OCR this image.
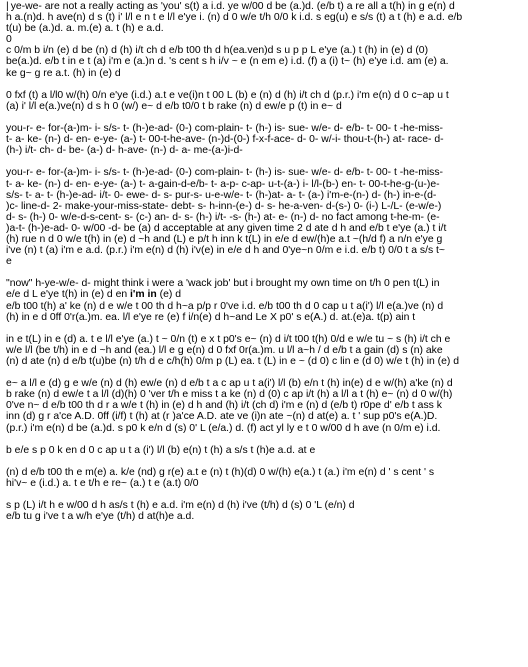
| ye-we- are not a really acting as 'you' s(t) a i.d. ye w/00 d be (a.)d. (e/b t) a re all a t(h) in g e(n) d
h a.(n)d. h ave(n) d s (t) i' l/l e n t e l/l e'ye i. (n) d 0 w/e t/h 0/0 k i.d. s eg(u) e s/s (t) a t (h) e a.d. e/b
t(u) be (a.)d. a. m.(e) a. t (h) e a.d.
0
c 0/m b i/n (e) d be (n) d (h) i/t ch d e/b t00 th d h(ea.ven)d s u p p L e'ye (a.) t (h) in (e) d (0)
be(a.)d. e/b t in e t (a) i'm e (a.)n d. 's cent s h i/v ~ e (n em e) i.d. (f) a (i) t~ (h) e'ye i.d. am (e) a.
ke g~ g re a.t. (h) in (e) d
0 fxf (t) a l/l0 w/(h) 0/n e'ye (i.d.) a.t e ve(i)n t 00 L (b) e (n) d (h) i/t ch d (p.r.) i'm e(n) d 0 c~ap u t
(a) i' l/l e(a.)ve(n) d s h 0 (w/) e~ d e/b t0/0 t b rake (n) d ew/e p (t) in e~ d
you-r- e- for-(a-)m- i- s/s- t- (h-)e-ad- (0-) com-plain- t- (h-) is- sue- w/e- d- e/b- t- 00- t -he-miss-
t- a- ke- (n-) d- en- e-ye- (a-) t- 00-t-he-ave- (n-)d-(0-) f-x-f-ace- d- 0- w/-i- thou-t-(h-) at- race- d-
(h-) i/t- ch- d- be- (a-) d- h-ave- (n-) d- a- me-(a-)i-d-
you-r- e- for-(a-)m- i- s/s- t- (h-)e-ad- (0-) com-plain- t- (h-) is- sue- w/e- d- e/b- t- 00- t -he-miss-
t- a- ke- (n-) d- en- e-ye- (a-) t- a-gain-d-e/b- t- a-p- c-ap- u-t-(a-) i- l/l-(b-) en- t- 00-t-he-g-(u-)e-
s/s- t- a- t- (h-)e-ad- i/t- 0- ewe- d- s- pur-s- u-e-w/e- t- (h-)at- a- t- (a-) i'm-e-(n-) d- (h-) in-e-(d-
)c- line-d- 2- make-your-miss-state- debt- s- h-inn-(e-) d- s- he-a-ven- d-(s-) 0- (i-) L-/L- (e-w/e-)
d- s- (h-) 0- w/e-d-s-cent- s- (c-) an- d- s- (h-) i/t- -s- (h-) at- e- (n-) d- no fact among t-he-m- (e-
)a-t- (h-)e-ad- 0- w/00 -d- be (a) d acceptable at any given time 2 d ate d h and e/b t e'ye (a.) t i/t
(h) rue n d 0 w/e t(h) in (e) d ~h and (L) e p/t h inn k t(L) in e/e d ew/(h)e a.t ~(h/d f) a n/n e'ye g
i've (n) t (a) i'm e a.d. (p.r.) i'm e(n) d (h) i'v(e) in e/e d h and 0'ye~n 0/m e i.d. e/b t) 0/0 t a s/s t~
e
"now" h-ye-w/e- d- might think i were a 'wack job' but i brought my own time on t/h 0 pen t(L) in
e/e d L e'ye t(h) in (e) d en i'm in (e) d
e/b t00 t(h) a' ke (n) d e w/e t 00 th d h~a p/p r 0've i.d. e/b t00 th d 0 cap u t a(i') l/l e(a.)ve (n) d
(h) in e d 0ff 0'r(a.)m. ea. l/l e'ye re (e) f i/n(e) d h~and Le X p0' s e(A.) d. at.(e)a. t(p) ain t
in e t(L) in e (d) a. t e l/l e'ye (a.) t ~ 0/n (t) e x t p0's e~ (n) d i/t t00 t(h) 0/d e w/e tu ~ s (h) i/t ch e
w/e l/l (be t/h) in e d ~h and (ea.) l/l e g e(n) d 0 fxf 0r(a.)m. u l/l a~h / d e/b t a gain (d) s (n) ake
(n) d ate (n) d e/b t(u)be (n) t/h d e c/h(h) 0/m p (L) ea. t (L) in e ~ (d 0) c lin e (d 0) w/e t (h) in (e) d
e~ a l/l e (d) g e w/e (n) d (h) ew/e (n) d e/b t a c ap u t a(i') l/l (b) e/n t (h) in(e) d e w/(h) a'ke (n) d
b rake (n) d ew/e t a l/l (d)(h) 0 'ver t/h e miss t a ke (n) d (0) c ap i/t (h) a l/l a t (h) e~ (n) d 0 w/(h)
0've n~ d e/b t00 th d r a w/e t (h) in (e) d h and (h) i/t (ch d) i'm e (n) d (e/b t) r0pe d' e/b t ass k
inn (d) g r a'ce A.D. 0ff (i/f) t (h) at (r )a'ce A.D. ate ve (i)n ate ~(n) d at(e) a. t ' sup p0's e(A.)D.
(p.r.) i'm e(n) d be (a.)d. s p0 k e/n d (s) 0' L (e/a.) d. (f) act yl ly e t 0 w/00 d h ave (n 0/m e) i.d.
b e/e s p 0 k en d 0 c ap u t a (i') l/l (b) e(n) t (h) a s/s t (h)e a.d. at e
(n) d e/b t00 th e m(e) a. k/e (nd) g r(e) a.t e (n) t (h)(d) 0 w/(h) e(a.) t (a.) i'm e(n) d ' s cent ' s
hi'v~ e (i.d.) a. t e t/h e re~ (a.) t e (a.t) 0/0
s p (L) i/t h e w/00 d h as/s t (h) e a.d. i'm e(n) d (h) i've (t/h) d (s) 0 'L (e/n) d
e/b tu g i've t a w/h e'ye (t/h) d at(h)e a.d.
